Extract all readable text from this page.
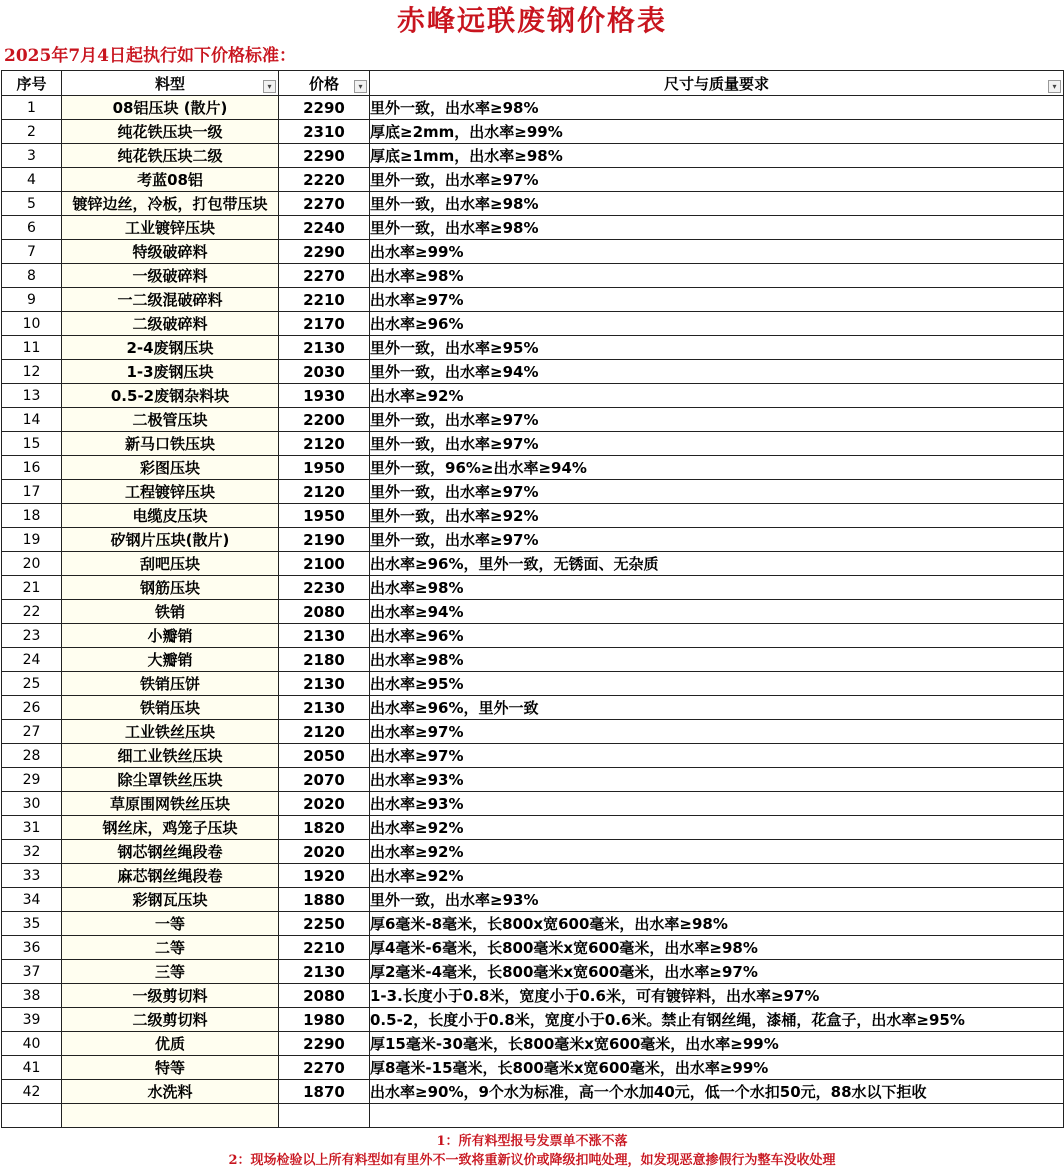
赤峰远联废钢价格表
2025年7月4日起执行如下价格标准：
序号	料型 ▾	价格 ▾	尺寸与质量要求 ▾

1	08铝压块 (散片)	2290	里外一致，出水率≥98%
2	纯花铁压块一级	2310	厚底≥2mm，出水率≥99%
3	纯花铁压块二级	2290	厚底≥1mm，出水率≥98%
4	考蓝08铝	2220	里外一致，出水率≥97%
5	镀锌边丝，冷板，打包带压块	2270	里外一致，出水率≥98%
6	工业镀锌压块	2240	里外一致，出水率≥98%
7	特级破碎料	2290	出水率≥99%
8	一级破碎料	2270	出水率≥98%
9	一二级混破碎料	2210	出水率≥97%
10	二级破碎料	2170	出水率≥96%
11	2-4废钢压块	2130	里外一致，出水率≥95%
12	1-3废钢压块	2030	里外一致，出水率≥94%
13	0.5-2废钢杂料块	1930	出水率≥92%
14	二极管压块	2200	里外一致，出水率≥97%
15	新马口铁压块	2120	里外一致，出水率≥97%
16	彩图压块	1950	里外一致，96%≥出水率≥94%
17	工程镀锌压块	2120	里外一致，出水率≥97%
18	电缆皮压块	1950	里外一致，出水率≥92%
19	矽钢片压块(散片)	2190	里外一致，出水率≥97%
20	刮吧压块	2100	出水率≥96%，里外一致，无锈面、无杂质
21	钢筋压块	2230	出水率≥98%
22	铁销	2080	出水率≥94%
23	小瓣销	2130	出水率≥96%
24	大瓣销	2180	出水率≥98%
25	铁销压饼	2130	出水率≥95%
26	铁销压块	2130	出水率≥96%，里外一致
27	工业铁丝压块	2120	出水率≥97%
28	细工业铁丝压块	2050	出水率≥97%
29	除尘罩铁丝压块	2070	出水率≥93%
30	草原围网铁丝压块	2020	出水率≥93%
31	钢丝床，鸡笼子压块	1820	出水率≥92%
32	钢芯钢丝绳段卷	2020	出水率≥92%
33	麻芯钢丝绳段卷	1920	出水率≥92%
34	彩钢瓦压块	1880	里外一致，出水率≥93%
35	一等	2250	厚6毫米-8毫米，长800x宽600毫米，出水率≥98%
36	二等	2210	厚4毫米-6毫米，长800毫米x宽600毫米，出水率≥98%
37	三等	2130	厚2毫米-4毫米，长800毫米x宽600毫米，出水率≥97%
38	一级剪切料	2080	1-3.长度小于0.8米，宽度小于0.6米，可有镀锌料，出水率≥97%
39	二级剪切料	1980	0.5-2，长度小于0.8米，宽度小于0.6米。禁止有钢丝绳，漆桶，花盒子，出水率≥95%
40	优质	2290	厚15毫米-30毫米，长800毫米x宽600毫米，出水率≥99%
41	特等	2270	厚8毫米-15毫米，长800毫米x宽600毫米，出水率≥99%
42	水洗料	1870	出水率≥90%，9个水为标准，高一个水加40元，低一个水扣50元，88水以下拒收

1：所有料型报号发票单不涨不落
2：现场检验以上所有料型如有里外不一致将重新议价或降级扣吨处理，如发现恶意掺假行为整车没收处理
